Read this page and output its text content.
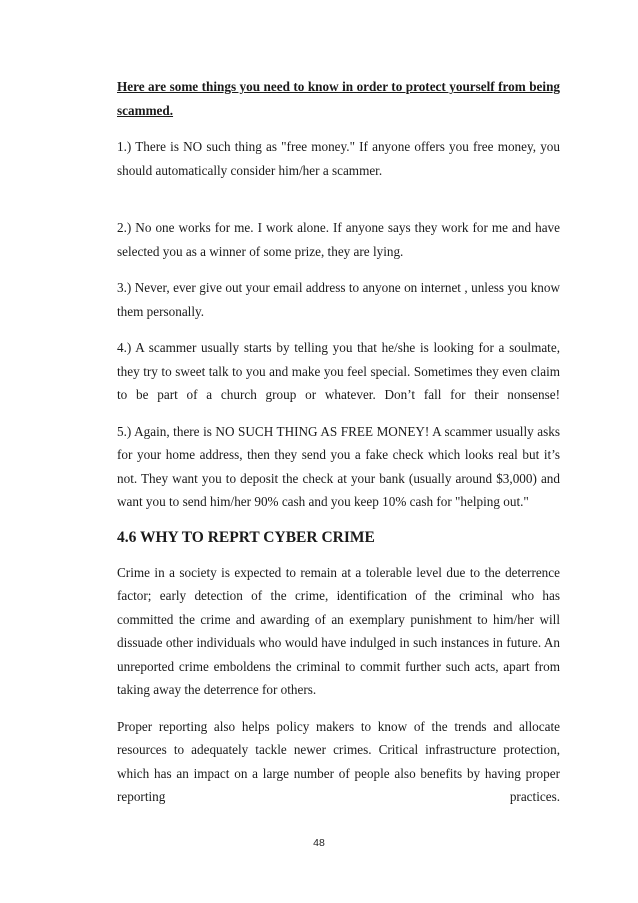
Here are some things you need to know in order to protect yourself from being scammed.

1.) There is NO such thing as "free money." If anyone offers you free money, you should automatically consider him/her a scammer.

2.) No one works for me. I work alone. If anyone says they work for me and have selected you as a winner of some prize, they are lying.

3.) Never, ever give out your email address to anyone on internet , unless you know them personally.

4.) A scammer usually starts by telling you that he/she is looking for a soulmate, they try to sweet talk to you and make you feel special. Sometimes they even claim to be part of a church group or whatever. Don’t fall for their nonsense!

5.) Again, there is NO SUCH THING AS FREE MONEY! A scammer usually asks for your home address, then they send you a fake check which looks real but it’s not. They want you to deposit the check at your bank (usually around $3,000) and want you to send him/her 90% cash and you keep 10% cash for "helping out."

4.6 WHY TO REPRT CYBER CRIME

Crime in a society is expected to remain at a tolerable level due to the deterrence factor; early detection of the crime, identification of the criminal who has committed the crime and awarding of an exemplary punishment to him/her will dissuade other individuals who would have indulged in such instances in future. An unreported crime emboldens the criminal to commit further such acts, apart from taking away the deterrence for others.

Proper reporting also helps policy makers to know of the trends and allocate resources to adequately tackle newer crimes. Critical infrastructure protection, which has an impact on a large number of people also benefits by having proper reporting practices.

48
